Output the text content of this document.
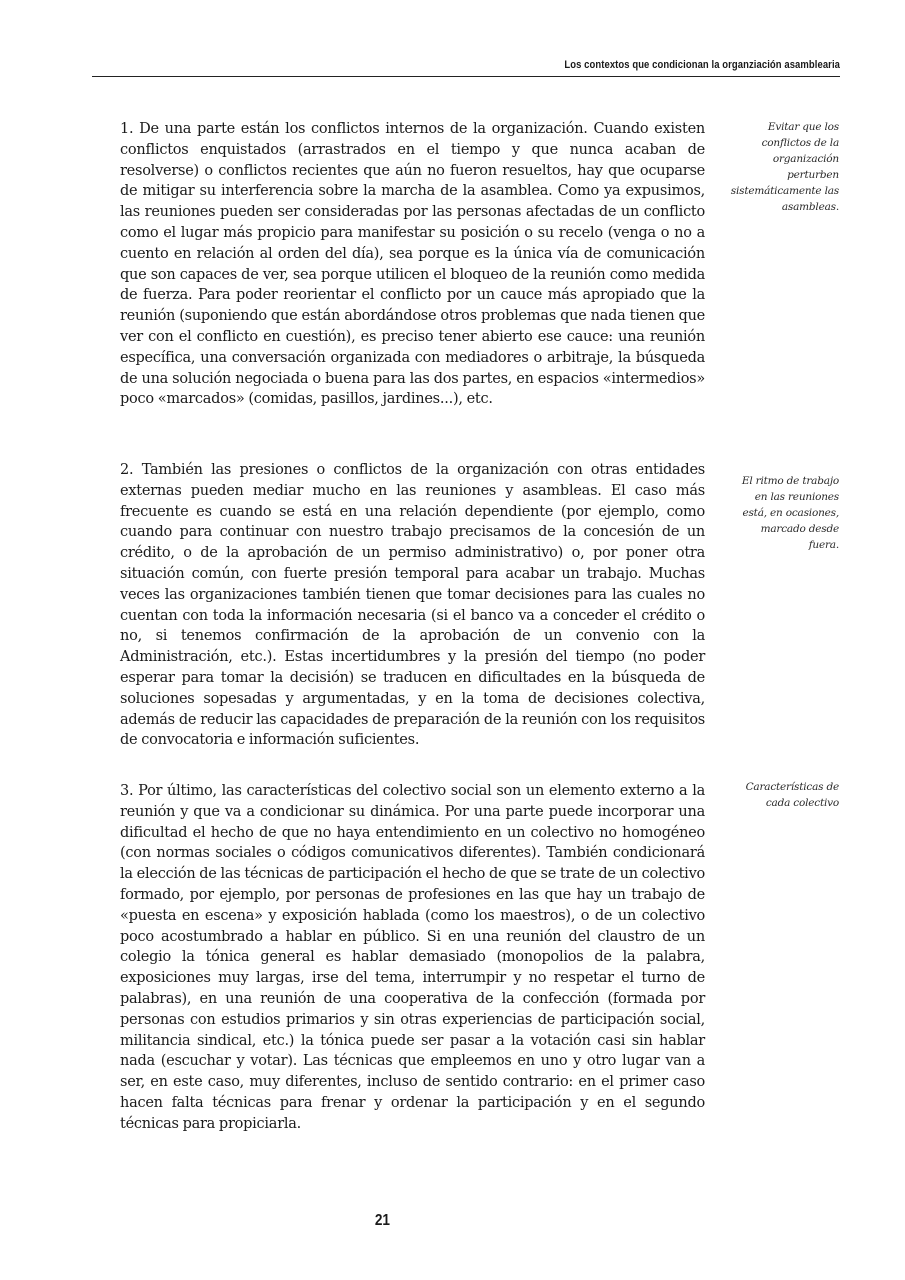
Los contextos que condicionan la organziación asamblearia

1. De una parte están los conflictos internos de la organización. Cuando existen conflictos enquistados (arrastrados en el tiempo y que nunca acaban de resolverse) o conflictos recientes que aún no fueron resueltos, hay que ocuparse de mitigar su interferencia sobre la marcha de la asamblea. Como ya expusimos, las reuniones pueden ser consideradas por las personas afectadas de un conflicto como el lugar más propicio para manifestar su posición o su recelo (venga o no a cuento en relación al orden del día), sea porque es la única vía de comunicación que son capaces de ver, sea porque utilicen el bloqueo de la reunión como medida de fuerza. Para poder reorientar el conflicto por un cauce más apropiado que la reunión (suponiendo que están abordándose otros problemas que nada tienen que ver con el conflicto en cuestión), es preciso tener abierto ese cauce: una reunión específica, una conversación organizada con mediadores o arbitraje, la búsqueda de una solución negociada o buena para las dos partes, en espacios «intermedios» poco «marcados» (comidas, pasillos, jardines...), etc.

2. También las presiones o conflictos de la organización con otras entidades externas pueden mediar mucho en las reuniones y asambleas. El caso más frecuente es cuando se está en una relación dependiente (por ejemplo, como cuando para continuar con nuestro trabajo precisamos de la concesión de un crédito, o de la aprobación de un permiso administrativo) o, por poner otra situación común, con fuerte presión temporal para acabar un trabajo. Muchas veces las organizaciones también tienen que tomar decisiones para las cuales no cuentan con toda la información necesaria (si el banco va a conceder el crédito o no, si tenemos confirmación de la aprobación de un convenio con la Administración, etc.). Estas incertidumbres y la presión del tiempo (no poder esperar para tomar la decisión) se traducen en dificultades en la búsqueda de soluciones sopesadas y argumentadas, y en la toma de decisiones colectiva, además de reducir las capacidades de preparación de la reunión con los requisitos de convocatoria e información suficientes.

3. Por último, las características del colectivo social son un elemento externo a la reunión y que va a condicionar su dinámica. Por una parte puede incorporar una dificultad el hecho de que no haya entendimiento en un colectivo no homogéneo (con normas sociales o códigos comunicativos diferentes). También condicionará la elección de las técnicas de participación el hecho de que se trate de un colectivo formado, por ejemplo, por personas de profesiones en las que hay un trabajo de «puesta en escena» y exposición hablada (como los maestros), o de un colectivo poco acostumbrado a hablar en público. Si en una reunión del claustro de un colegio la tónica general es hablar demasiado (monopolios de la palabra, exposiciones muy largas, irse del tema, interrumpir y no respetar el turno de palabras), en una reunión de una cooperativa de la confección (formada por personas con estudios primarios y sin otras experiencias de participación social, militancia sindical, etc.) la tónica puede ser pasar a la votación casi sin hablar nada (escuchar y votar). Las técnicas que empleemos en uno y otro lugar van a ser, en este caso, muy diferentes, incluso de sentido contrario: en el primer caso hacen falta técnicas para frenar y ordenar la participación y en el segundo técnicas para propiciarla.

Evitar que los conflictos de la organización perturben sistemáticamente las asambleas.

El ritmo de trabajo en las reuniones está, en ocasiones, marcado desde fuera.

Características de cada colectivo

21
